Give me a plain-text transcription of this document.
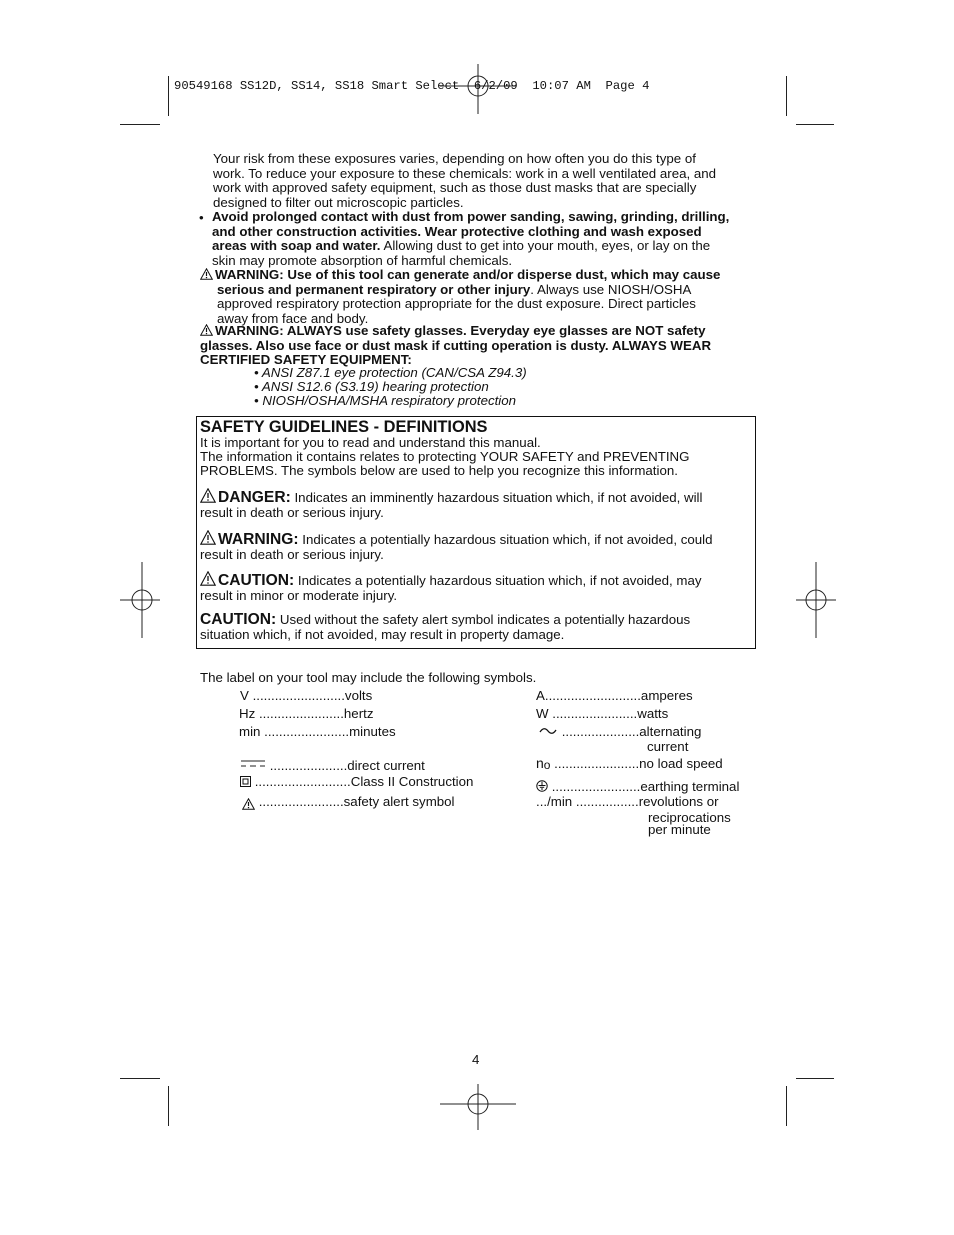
90549168 SS12D, SS14, SS18 Smart Select  6/2/09  10:07 AM  Page 4
Your risk from these exposures varies, depending on how often you do this type of
work. To reduce your exposure to these chemicals: work in a well ventilated area, and
work with approved safety equipment, such as those dust masks that are specially
designed to filter out microscopic particles.
• Avoid prolonged contact with dust from power sanding, sawing, grinding, drilling,
and other construction activities. Wear protective clothing and wash exposed
areas with soap and water. Allowing dust to get into your mouth, eyes, or lay on the
skin may promote absorption of harmful chemicals.
WARNING: Use of this tool can generate and/or disperse dust, which may cause
serious and permanent respiratory or other injury. Always use NIOSH/OSHA
approved respiratory protection appropriate for the dust exposure. Direct particles
away from face and body.
WARNING: ALWAYS use safety glasses. Everyday eye glasses are NOT safety
glasses. Also use face or dust mask if cutting operation is dusty. ALWAYS WEAR
CERTIFIED SAFETY EQUIPMENT:
• ANSI Z87.1 eye protection (CAN/CSA Z94.3)
• ANSI S12.6 (S3.19) hearing protection
• NIOSH/OSHA/MSHA respiratory protection
SAFETY GUIDELINES - DEFINITIONS
It is important for you to read and understand this manual.
The information it contains relates to protecting YOUR SAFETY and PREVENTING
PROBLEMS. The symbols below are used to help you recognize this information.
DANGER: Indicates an imminently hazardous situation which, if not avoided, will
result in death or serious injury.
WARNING: Indicates a potentially hazardous situation which, if not avoided, could
result in death or serious injury.
CAUTION: Indicates a potentially hazardous situation which, if not avoided, may
result in minor or moderate injury.
CAUTION: Used without the safety alert symbol indicates a potentially hazardous
situation which, if not avoided, may result in property damage.
The label on your tool may include the following symbols.
V .........................volts
Hz .......................hertz
min .......................minutes
.....................direct current
..........................Class II Construction
.......................safety alert symbol
A..........................amperes
W .......................watts
.....................alternating
current
$n_o$ .......................no load speed
........................earthing terminal
.../min .................revolutions or
reciprocations
per minute
4
